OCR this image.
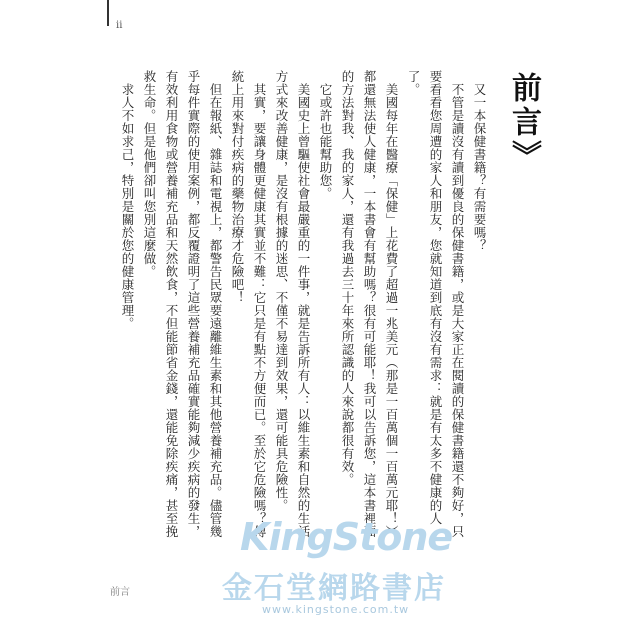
ii
前言》

又一本保健書籍？有需要嗎？

不管是讀沒有讀到優良的保健書籍，或是大家正在閱讀的保健書籍還不夠好，只要看看您周遭的家人和朋友，您就知道到底有沒有需求：就是有太多不健康的人了。

美國每年在醫療「保健」上花費了超過一兆美元（那是一百萬個一百萬元耶！）都還無法使人健康，一本書會有幫助嗎？很有可能耶！我可以告訴您，這本書裡面的方法對我、我的家人，還有我過去三十年來所認識的人來說都很有效。

它或許也能幫助您。

美國史上曾驅使社會最嚴重的一件事，就是告訴所有人：以維生素和自然的生活方式來改善健康，是沒有根據的迷思、不僅不易達到效果，還可能具危險性。

其實，要讓身體更健康其實並不難：它只是有點不方便而已。至於它危險嗎？傳統上用來對付疾病的藥物治療才危險吧！

但在報紙、雜誌和電視上，都警告民眾要遠離維生素和其他營養補充品。儘管幾乎每件實際的使用案例，都反覆證明了這些營養補充品確實能夠減少疾病的發生，有效利用食物或營養補充品和天然飲食，不但能節省金錢，還能免除疾痛，甚至挽救生命。但是他們卻叫您別這麼做。

求人不如求己，特別是關於您的健康管理。

KingStone
金石堂網路書店
www.kingstone.com.tw
前言
